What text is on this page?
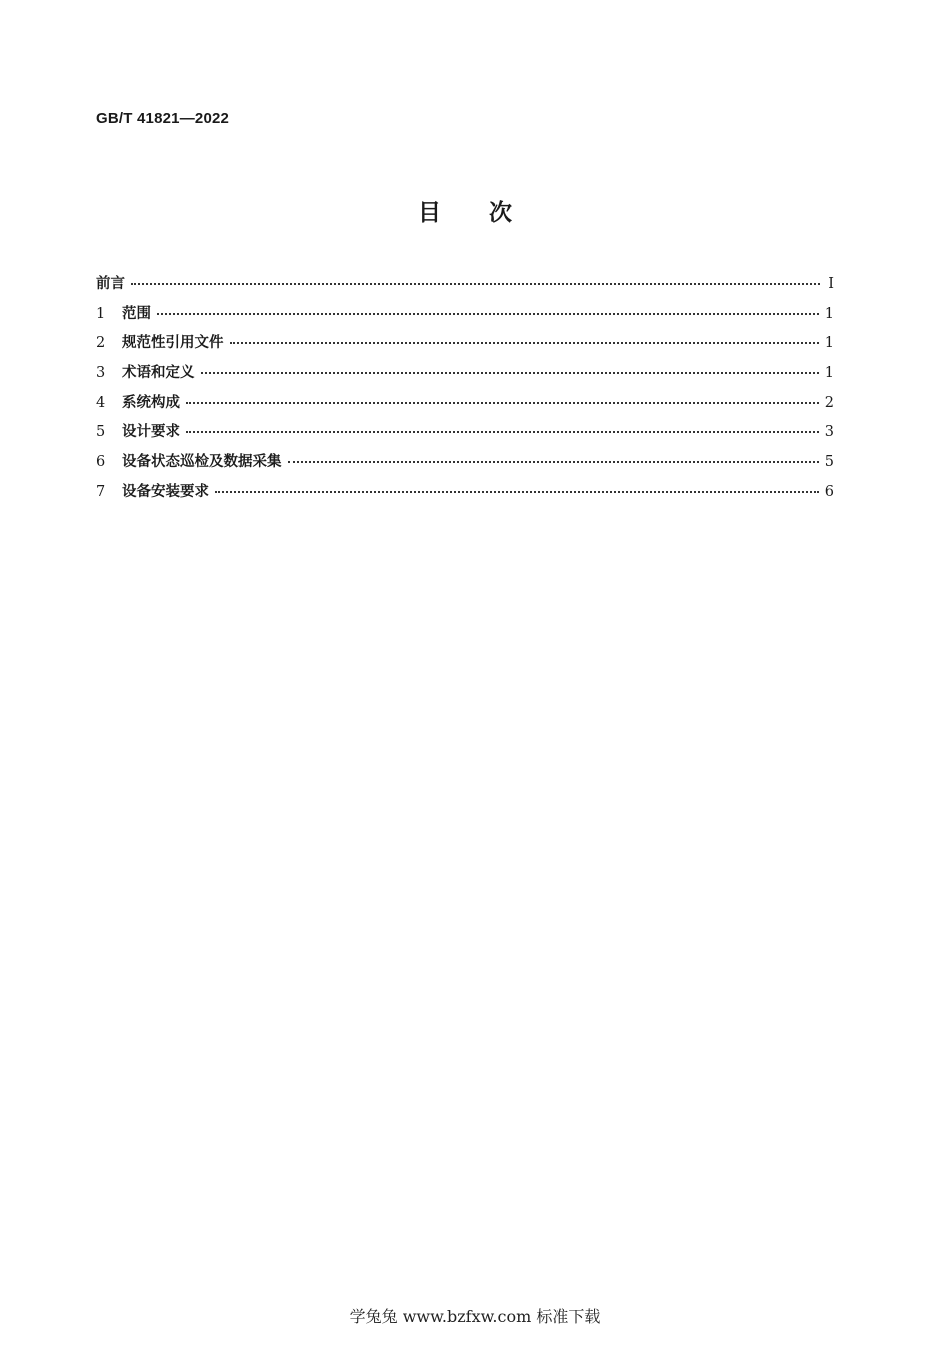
GB/T 41821—2022
目次
前言	Ⅰ
1	范围	1
2	规范性引用文件	1
3	术语和定义	1
4	系统构成	2
5	设计要求	3
6	设备状态巡检及数据采集	5
7	设备安装要求	6
学兔兔 www.bzfxw.com 标准下载
